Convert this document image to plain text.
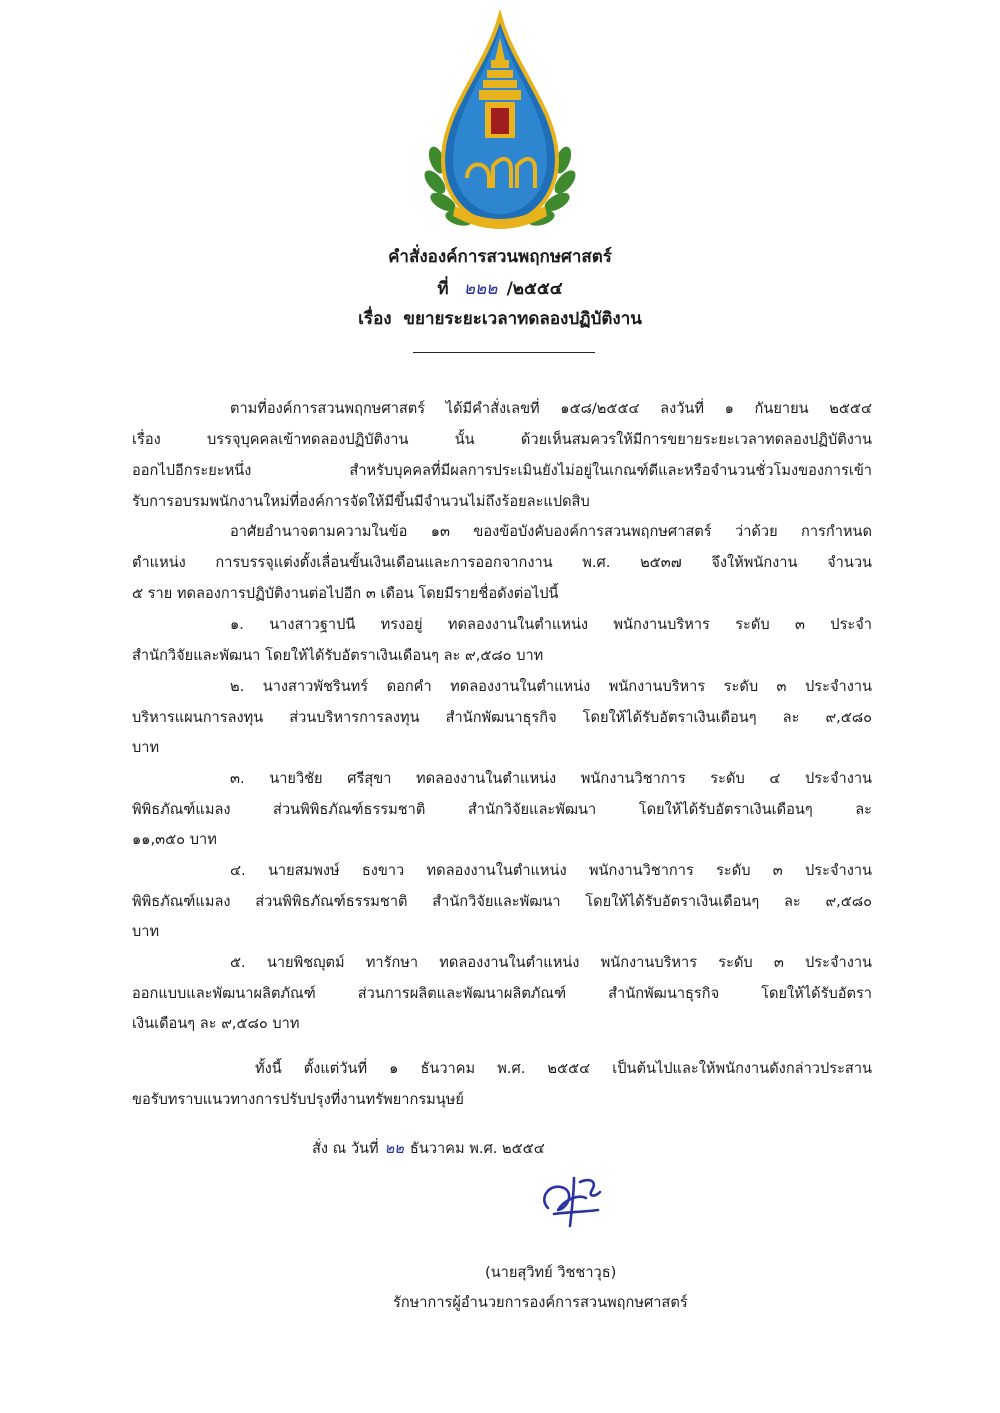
คำสั่งองค์การสวนพฤกษศาสตร์
ที่ ๒๒๒ /๒๕๕๔
เรื่อง ขยายระยะเวลาทดลองปฏิบัติงาน
ตามที่องค์การสวนพฤกษศาสตร์ ได้มีคำสั่งเลขที่ ๑๕๘/๒๕๕๔ ลงวันที่ ๑ กันยายน ๒๕๕๔
เรื่อง บรรจุบุคคลเข้าทดลองปฏิบัติงาน นั้น ด้วยเห็นสมควรให้มีการขยายระยะเวลาทดลองปฏิบัติงาน
ออกไปอีกระยะหนึ่ง สำหรับบุคคลที่มีผลการประเมินยังไม่อยู่ในเกณฑ์ดีและหรือจำนวนชั่วโมงของการเข้า
รับการอบรมพนักงานใหม่ที่องค์การจัดให้มีขึ้นมีจำนวนไม่ถึงร้อยละแปดสิบ
อาศัยอำนาจตามความในข้อ ๑๓ ของข้อบังคับองค์การสวนพฤกษศาสตร์ ว่าด้วย การกำหนด
ตำแหน่ง การบรรจุแต่งตั้งเลื่อนขั้นเงินเดือนและการออกจากงาน พ.ศ. ๒๕๓๗ จึงให้พนักงาน จำนวน
๕ ราย ทดลองการปฏิบัติงานต่อไปอีก ๓ เดือน โดยมีรายชื่อดังต่อไปนี้
๑. นางสาวฐาปนี ทรงอยู่ ทดลองงานในตำแหน่ง พนักงานบริหาร ระดับ ๓ ประจำ
สำนักวิจัยและพัฒนา โดยให้ได้รับอัตราเงินเดือนๆ ละ ๙,๕๘๐ บาท
๒. นางสาวพัชรินทร์ ดอกคำ ทดลองงานในตำแหน่ง พนักงานบริหาร ระดับ ๓ ประจำงาน
บริหารแผนการลงทุน ส่วนบริหารการลงทุน สำนักพัฒนาธุรกิจ โดยให้ได้รับอัตราเงินเดือนๆ ละ ๙,๕๘๐
บาท
๓. นายวิชัย ศรีสุขา ทดลองงานในตำแหน่ง พนักงานวิชาการ ระดับ ๔ ประจำงาน
พิพิธภัณฑ์แมลง ส่วนพิพิธภัณฑ์ธรรมชาติ สำนักวิจัยและพัฒนา โดยให้ได้รับอัตราเงินเดือนๆ ละ
๑๑,๓๕๐ บาท
๔. นายสมพงษ์ ธงขาว ทดลองงานในตำแหน่ง พนักงานวิชาการ ระดับ ๓ ประจำงาน
พิพิธภัณฑ์แมลง ส่วนพิพิธภัณฑ์ธรรมชาติ สำนักวิจัยและพัฒนา โดยให้ได้รับอัตราเงินเดือนๆ ละ ๙,๕๘๐
บาท
๕. นายพิชญุตม์ ทารักษา ทดลองงานในตำแหน่ง พนักงานบริหาร ระดับ ๓ ประจำงาน
ออกแบบและพัฒนาผลิตภัณฑ์ ส่วนการผลิตและพัฒนาผลิตภัณฑ์ สำนักพัฒนาธุรกิจ โดยให้ได้รับอัตรา
เงินเดือนๆ ละ ๙,๕๘๐ บาท
ทั้งนี้ ตั้งแต่วันที่ ๑ ธันวาคม พ.ศ. ๒๕๕๔ เป็นต้นไปและให้พนักงานดังกล่าวประสาน
ขอรับทราบแนวทางการปรับปรุงที่งานทรัพยากรมนุษย์
สั่ง ณ วันที่ ๒๒ ธันวาคม พ.ศ. ๒๕๕๔
(นายสุวิทย์ วิชชาวุธ)
รักษาการผู้อำนวยการองค์การสวนพฤกษศาสตร์
